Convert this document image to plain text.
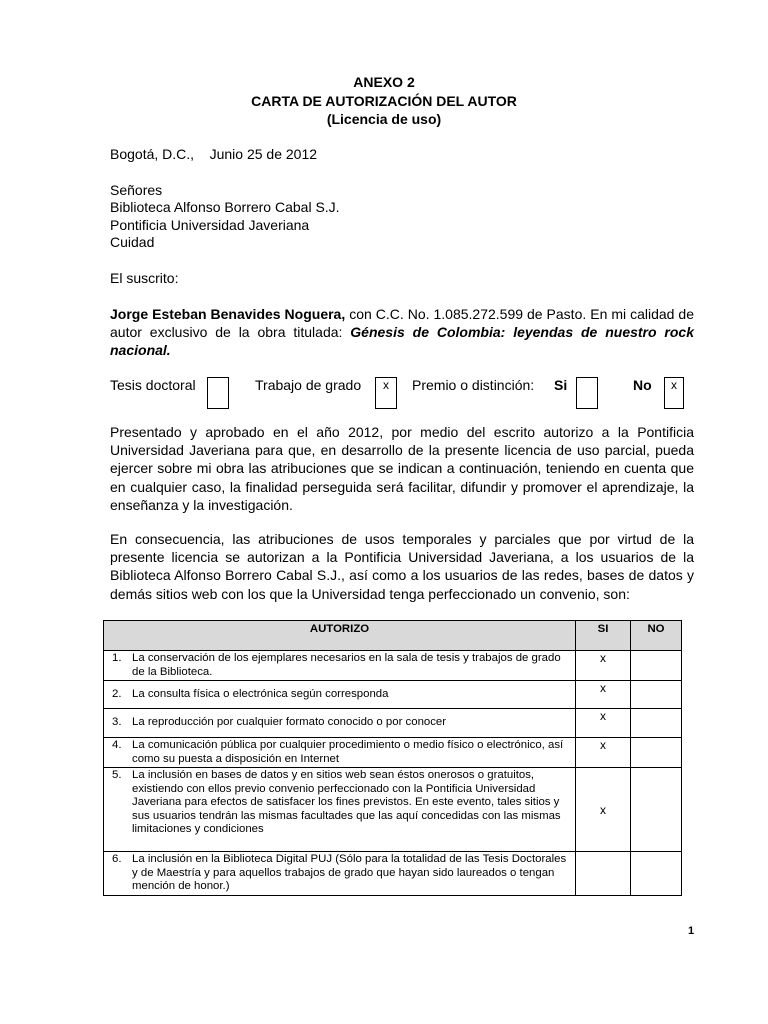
ANEXO 2
CARTA DE AUTORIZACIÓN DEL AUTOR
(Licencia de uso)
Bogotá, D.C.,    Junio 25 de 2012
Señores
Biblioteca Alfonso Borrero Cabal S.J.
Pontificia Universidad Javeriana
Cuidad
El suscrito:
Jorge Esteban Benavides Noguera, con C.C. No. 1.085.272.599 de Pasto. En mi calidad de autor exclusivo de la obra titulada: Génesis de Colombia: leyendas de nuestro rock nacional.
Tesis doctoral	Trabajo de grado	x	Premio o distinción: Si	No	x
Presentado y aprobado en el año 2012, por medio del escrito autorizo a la Pontificia Universidad Javeriana para que, en desarrollo de la presente licencia de uso parcial, pueda ejercer sobre mi obra las atribuciones que se indican a continuación, teniendo en cuenta que en cualquier caso, la finalidad perseguida será facilitar, difundir y promover el aprendizaje, la enseñanza y la investigación.
En consecuencia, las atribuciones de usos temporales y parciales que por virtud de la presente licencia se autorizan a la Pontificia Universidad Javeriana, a los usuarios de la Biblioteca Alfonso Borrero Cabal S.J., así como a los usuarios de las redes, bases de datos y demás sitios web con los que la Universidad tenga perfeccionado un convenio, son:
AUTORIZO	SI	NO

1. La conservación de los ejemplares necesarios en la sala de tesis y trabajos de grado de la Biblioteca.	x	

2. La consulta física o electrónica según corresponda	x	

3. La reproducción por cualquier formato conocido o por conocer	x	

4. La comunicación pública por cualquier procedimiento o medio físico o electrónico, así como su puesta a disposición en Internet	x	

5. La inclusión en bases de datos y en sitios web sean éstos onerosos o gratuitos, existiendo con ellos previo convenio perfeccionado con la Pontificia Universidad Javeriana para efectos de satisfacer los fines previstos. En este evento, tales sitios y sus usuarios tendrán las mismas facultades que las aquí concedidas con las mismas limitaciones y condiciones	x	

6. La inclusión en la Biblioteca Digital PUJ (Sólo para la totalidad de las Tesis Doctorales y de Maestría y para aquellos trabajos de grado que hayan sido laureados o tengan mención de honor.)		

1
